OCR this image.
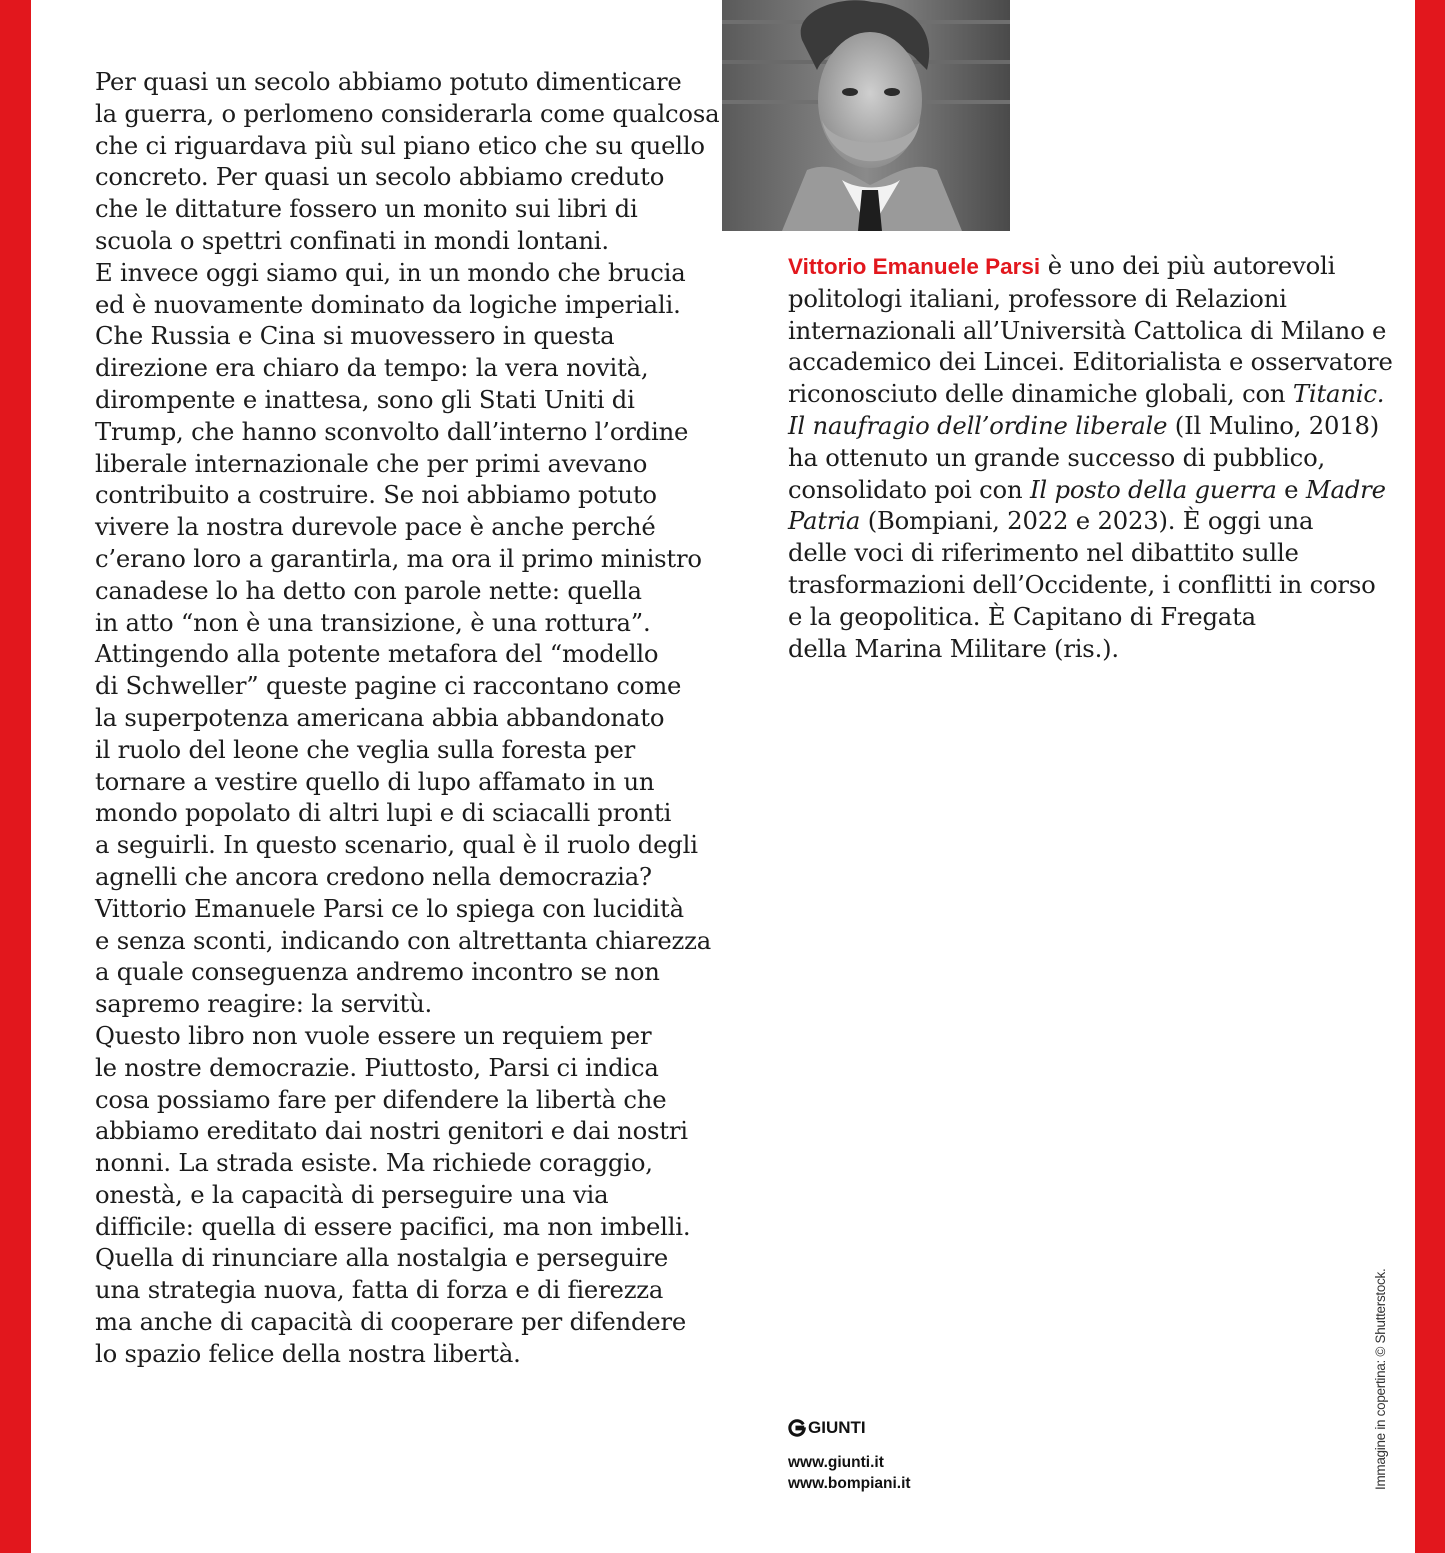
Per quasi un secolo abbiamo potuto dimenticare
la guerra, o perlomeno considerarla come qualcosa
che ci riguardava più sul piano etico che su quello
concreto. Per quasi un secolo abbiamo creduto
che le dittature fossero un monito sui libri di
scuola o spettri confinati in mondi lontani.
E invece oggi siamo qui, in un mondo che brucia
ed è nuovamente dominato da logiche imperiali.
Che Russia e Cina si muovessero in questa
direzione era chiaro da tempo: la vera novità,
dirompente e inattesa, sono gli Stati Uniti di
Trump, che hanno sconvolto dall’interno l’ordine
liberale internazionale che per primi avevano
contribuito a costruire. Se noi abbiamo potuto
vivere la nostra durevole pace è anche perché
c’erano loro a garantirla, ma ora il primo ministro
canadese lo ha detto con parole nette: quella
in atto “non è una transizione, è una rottura”.
Attingendo alla potente metafora del “modello
di Schweller” queste pagine ci raccontano come
la superpotenza americana abbia abbandonato
il ruolo del leone che veglia sulla foresta per
tornare a vestire quello di lupo affamato in un
mondo popolato di altri lupi e di sciacalli pronti
a seguirli. In questo scenario, qual è il ruolo degli
agnelli che ancora credono nella democrazia?
Vittorio Emanuele Parsi ce lo spiega con lucidità
e senza sconti, indicando con altrettanta chiarezza
a quale conseguenza andremo incontro se non
sapremo reagire: la servitù.
Questo libro non vuole essere un requiem per
le nostre democrazie. Piuttosto, Parsi ci indica
cosa possiamo fare per difendere la libertà che
abbiamo ereditato dai nostri genitori e dai nostri
nonni. La strada esiste. Ma richiede coraggio,
onestà, e la capacità di perseguire una via
difficile: quella di essere pacifici, ma non imbelli.
Quella di rinunciare alla nostalgia e perseguire
una strategia nuova, fatta di forza e di fierezza
ma anche di capacità di cooperare per difendere
lo spazio felice della nostra libertà.
Vittorio Emanuele Parsi è uno dei più autorevoli
politologi italiani, professore di Relazioni
internazionali all’Università Cattolica di Milano e
accademico dei Lincei. Editorialista e osservatore
riconosciuto delle dinamiche globali, con Titanic.
Il naufragio dell’ordine liberale (Il Mulino, 2018)
ha ottenuto un grande successo di pubblico,
consolidato poi con Il posto della guerra e Madre
Patria (Bompiani, 2022 e 2023). È oggi una
delle voci di riferimento nel dibattito sulle
trasformazioni dell’Occidente, i conflitti in corso
e la geopolitica. È Capitano di Fregata
della Marina Militare (ris.).
GIUNTI
www.giunti.it
www.bompiani.it	Immagine in copertina: © Shutterstock.
